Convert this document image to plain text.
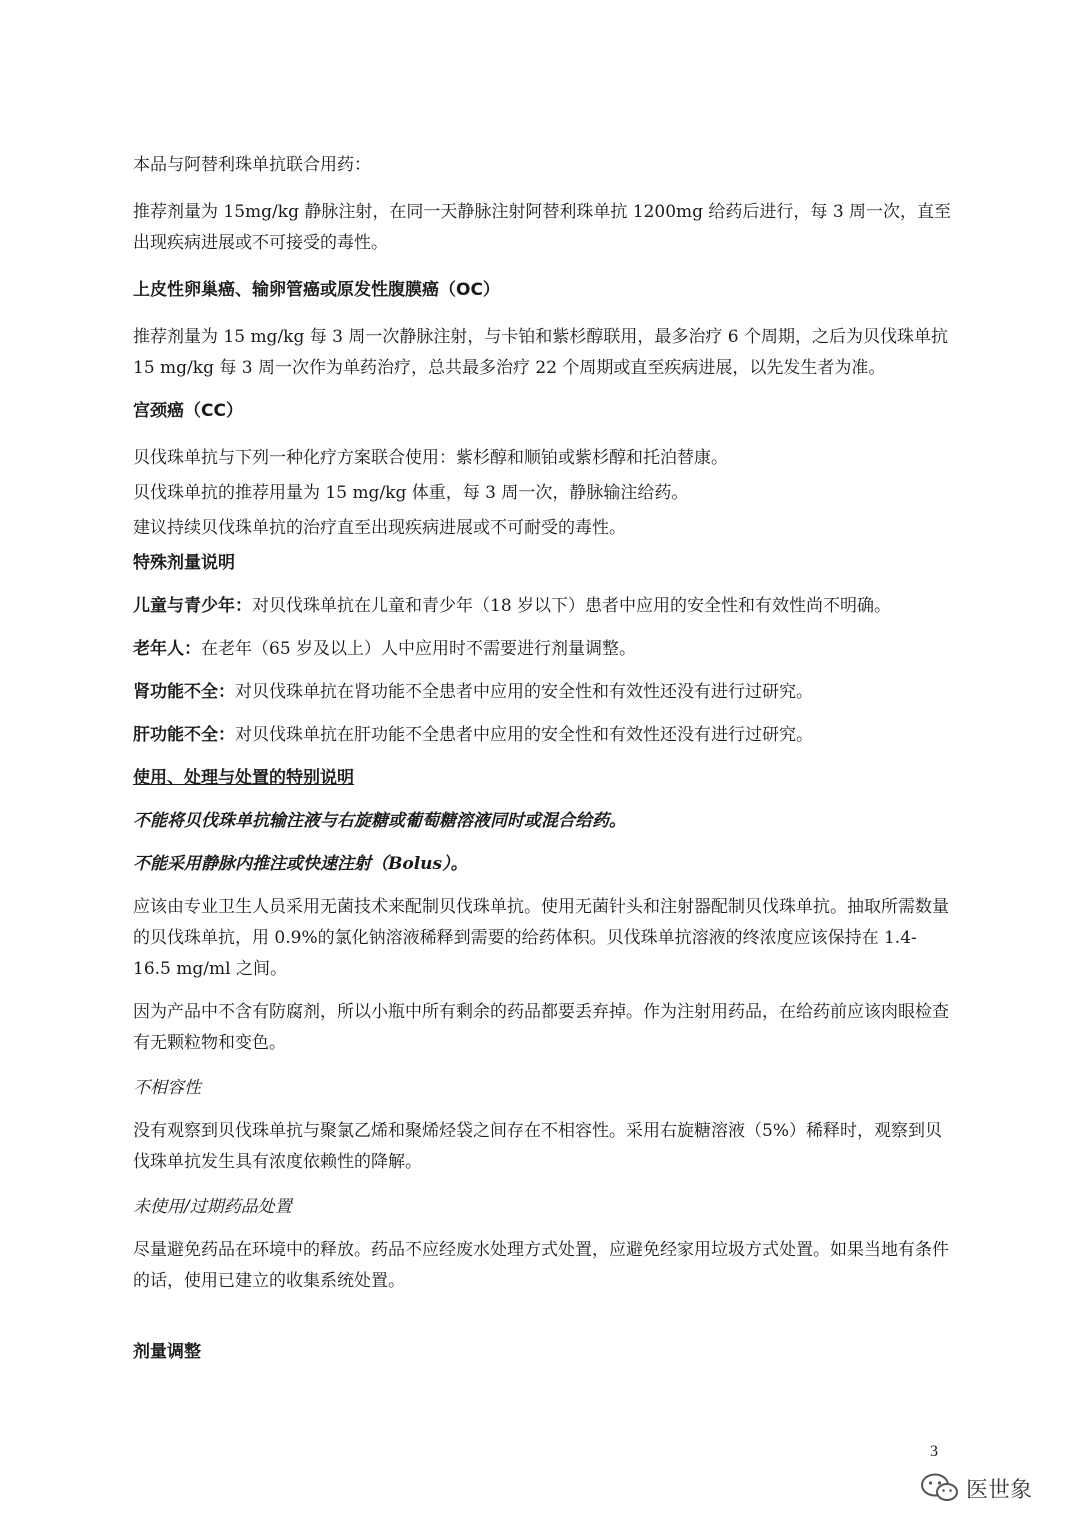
本品与阿替利珠单抗联合用药：

推荐剂量为 15mg/kg 静脉注射，在同一天静脉注射阿替利珠单抗 1200mg 给药后进行，每 3 周一次，直至出现疾病进展或不可接受的毒性。

上皮性卵巢癌、输卵管癌或原发性腹膜癌（OC）

推荐剂量为 15 mg/kg 每 3 周一次静脉注射，与卡铂和紫杉醇联用，最多治疗 6 个周期，之后为贝伐珠单抗 15 mg/kg 每 3 周一次作为单药治疗，总共最多治疗 22 个周期或直至疾病进展，以先发生者为准。

宫颈癌（CC）

贝伐珠单抗与下列一种化疗方案联合使用：紫杉醇和顺铂或紫杉醇和托泊替康。

贝伐珠单抗的推荐用量为 15 mg/kg 体重，每 3 周一次，静脉输注给药。

建议持续贝伐珠单抗的治疗直至出现疾病进展或不可耐受的毒性。

特殊剂量说明

儿童与青少年：对贝伐珠单抗在儿童和青少年（18 岁以下）患者中应用的安全性和有效性尚不明确。

老年人：在老年（65 岁及以上）人中应用时不需要进行剂量调整。

肾功能不全：对贝伐珠单抗在肾功能不全患者中应用的安全性和有效性还没有进行过研究。

肝功能不全：对贝伐珠单抗在肝功能不全患者中应用的安全性和有效性还没有进行过研究。

使用、处理与处置的特别说明

不能将贝伐珠单抗输注液与右旋糖或葡萄糖溶液同时或混合给药。

不能采用静脉内推注或快速注射（Bolus）。

应该由专业卫生人员采用无菌技术来配制贝伐珠单抗。使用无菌针头和注射器配制贝伐珠单抗。抽取所需数量的贝伐珠单抗，用 0.9%的氯化钠溶液稀释到需要的给药体积。贝伐珠单抗溶液的终浓度应该保持在 1.4-16.5 mg/ml 之间。

因为产品中不含有防腐剂，所以小瓶中所有剩余的药品都要丢弃掉。作为注射用药品，在给药前应该肉眼检查有无颗粒物和变色。

不相容性

没有观察到贝伐珠单抗与聚氯乙烯和聚烯烃袋之间存在不相容性。采用右旋糖溶液（5%）稀释时，观察到贝伐珠单抗发生具有浓度依赖性的降解。

未使用/过期药品处置

尽量避免药品在环境中的释放。药品不应经废水处理方式处置，应避免经家用垃圾方式处置。如果当地有条件的话，使用已建立的收集系统处置。

剂量调整

3
医世象
